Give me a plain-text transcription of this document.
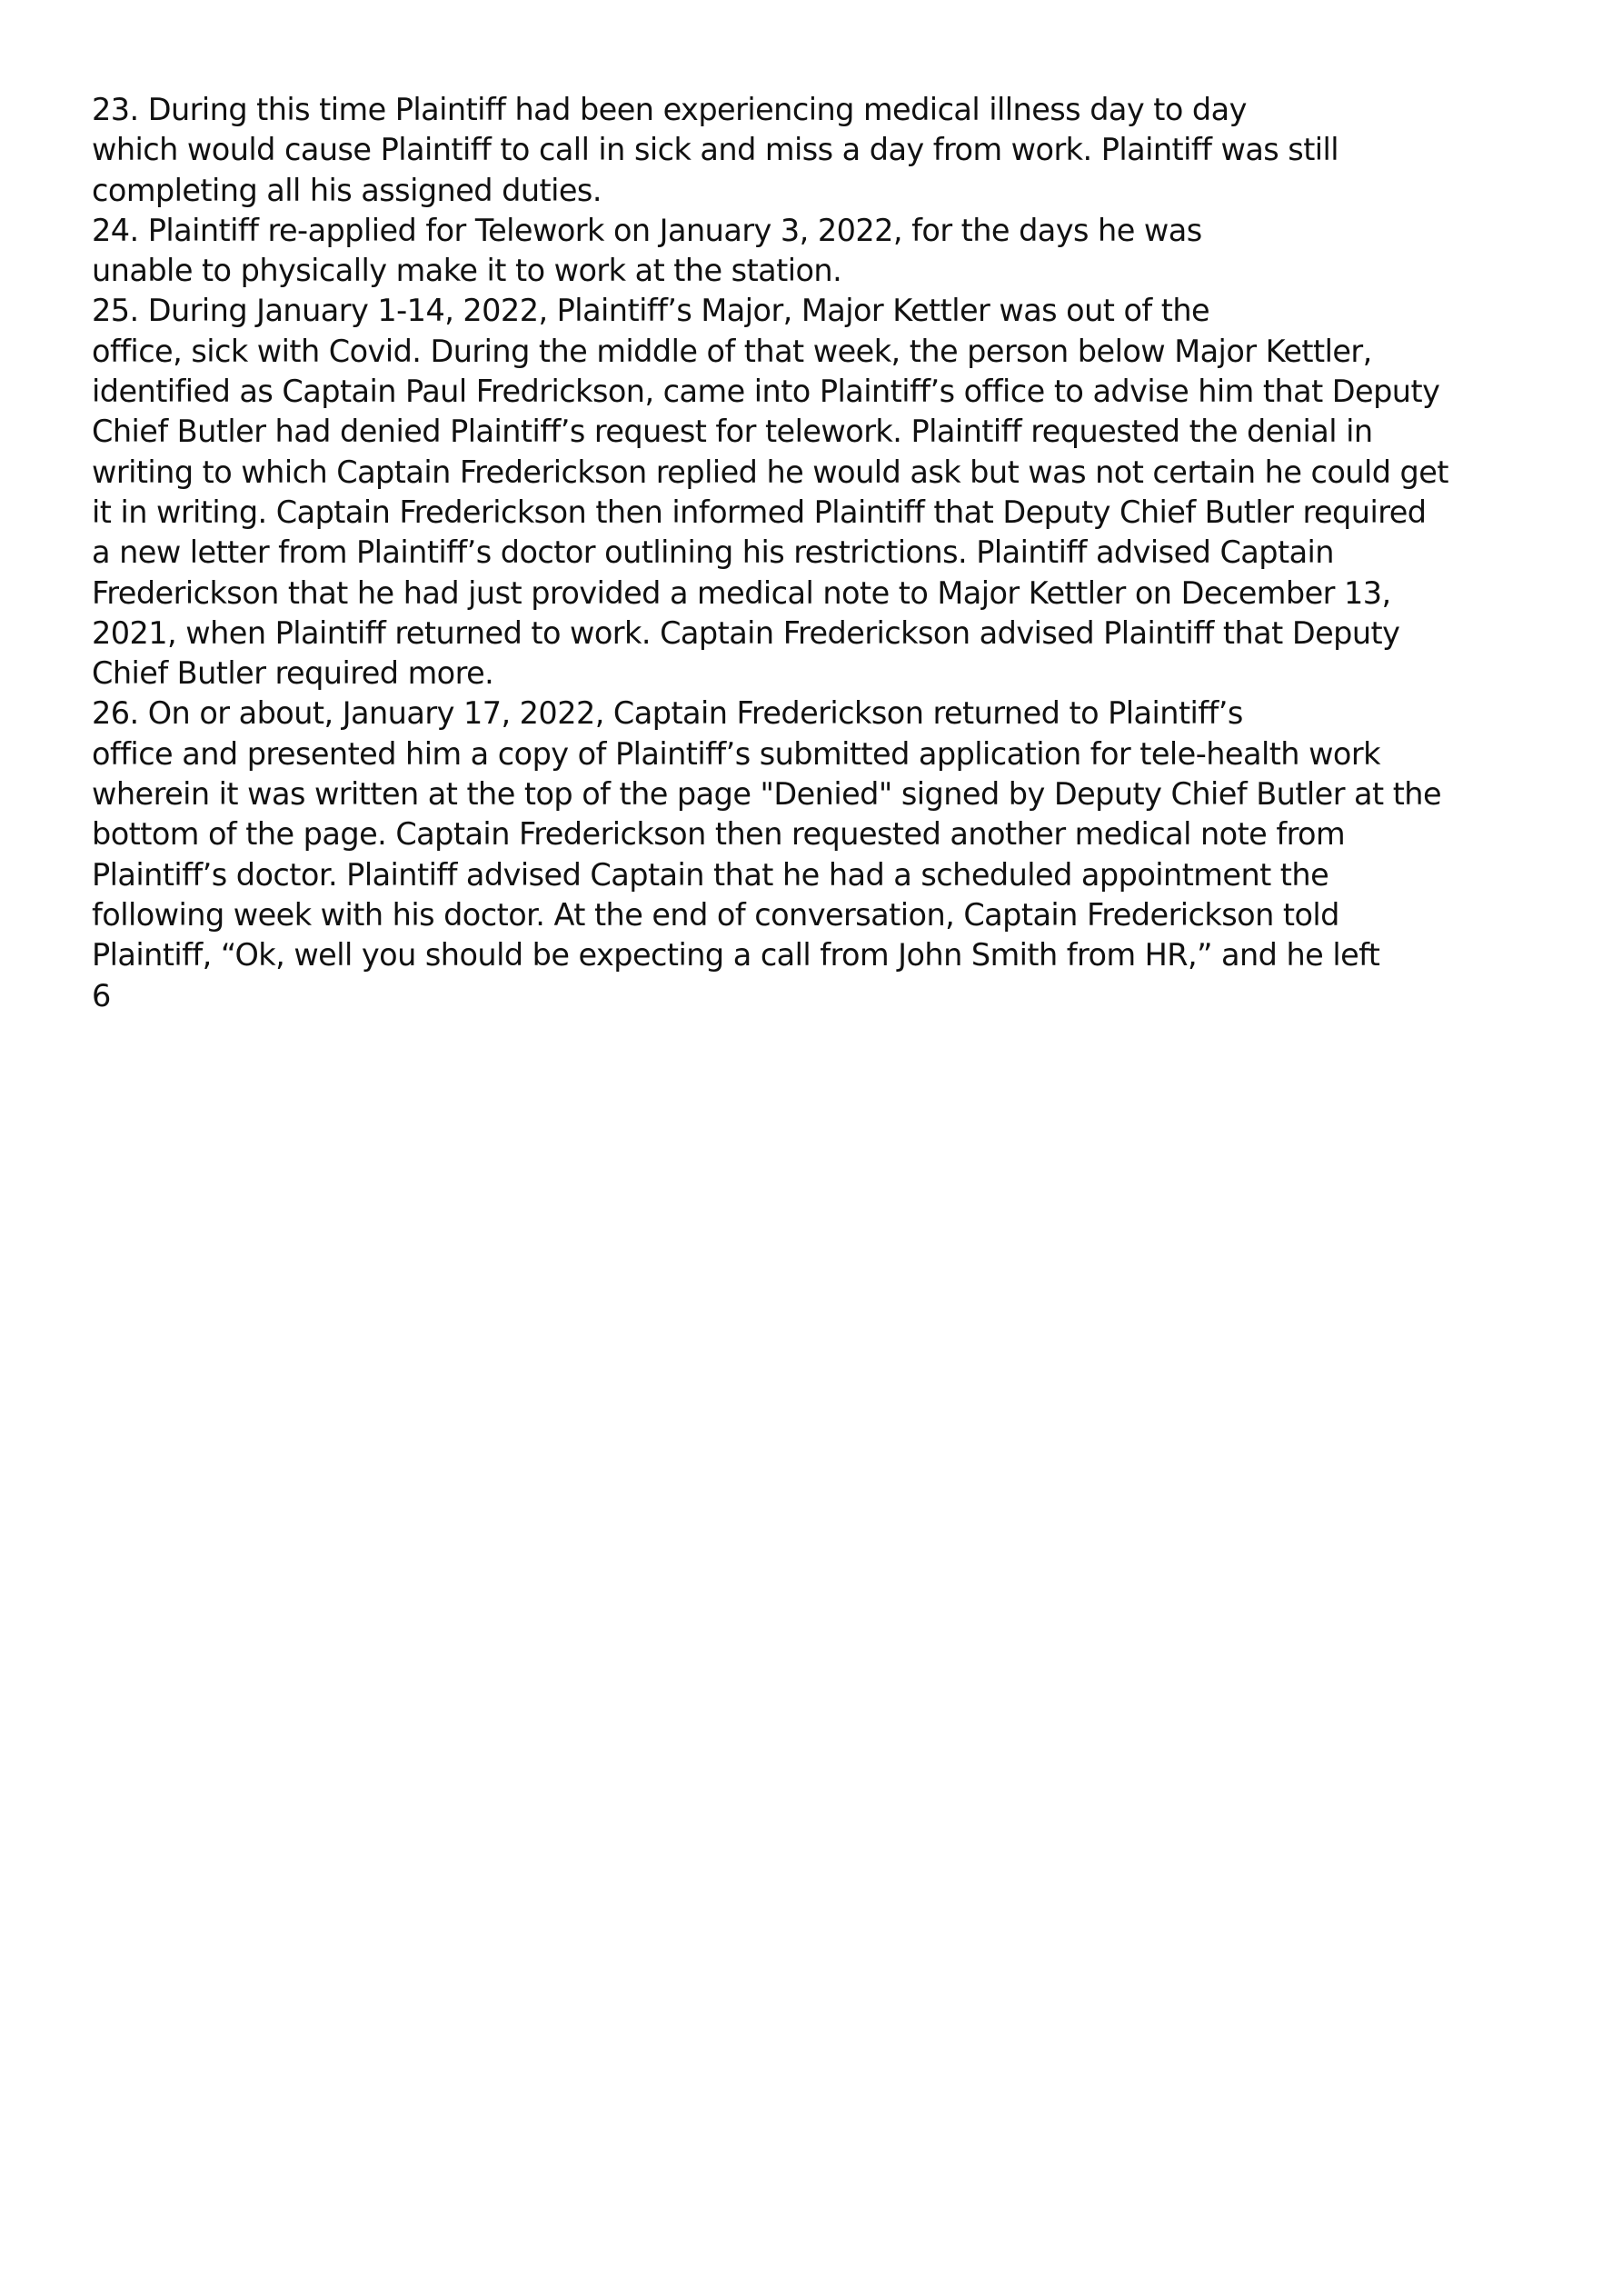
23. During this time Plaintiff had been experiencing medical illness day to day
which would cause Plaintiff to call in sick and miss a day from work. Plaintiff was still
completing all his assigned duties.
24. Plaintiff re-applied for Telework on January 3, 2022, for the days he was
unable to physically make it to work at the station.
25. During January 1-14, 2022, Plaintiff’s Major, Major Kettler was out of the
office, sick with Covid. During the middle of that week, the person below Major Kettler,
identified as Captain Paul Fredrickson, came into Plaintiff’s office to advise him that Deputy
Chief Butler had denied Plaintiff’s request for telework. Plaintiff requested the denial in
writing to which Captain Frederickson replied he would ask but was not certain he could get
it in writing. Captain Frederickson then informed Plaintiff that Deputy Chief Butler required
a new letter from Plaintiff’s doctor outlining his restrictions. Plaintiff advised Captain
Frederickson that he had just provided a medical note to Major Kettler on December 13,
2021, when Plaintiff returned to work. Captain Frederickson advised Plaintiff that Deputy
Chief Butler required more.
26. On or about, January 17, 2022, Captain Frederickson returned to Plaintiff’s
office and presented him a copy of Plaintiff’s submitted application for tele-health work
wherein it was written at the top of the page "Denied" signed by Deputy Chief Butler at the
bottom of the page. Captain Frederickson then requested another medical note from
Plaintiff’s doctor. Plaintiff advised Captain that he had a scheduled appointment the
following week with his doctor. At the end of conversation, Captain Frederickson told
Plaintiff, “Ok, well you should be expecting a call from John Smith from HR,” and he left
6
